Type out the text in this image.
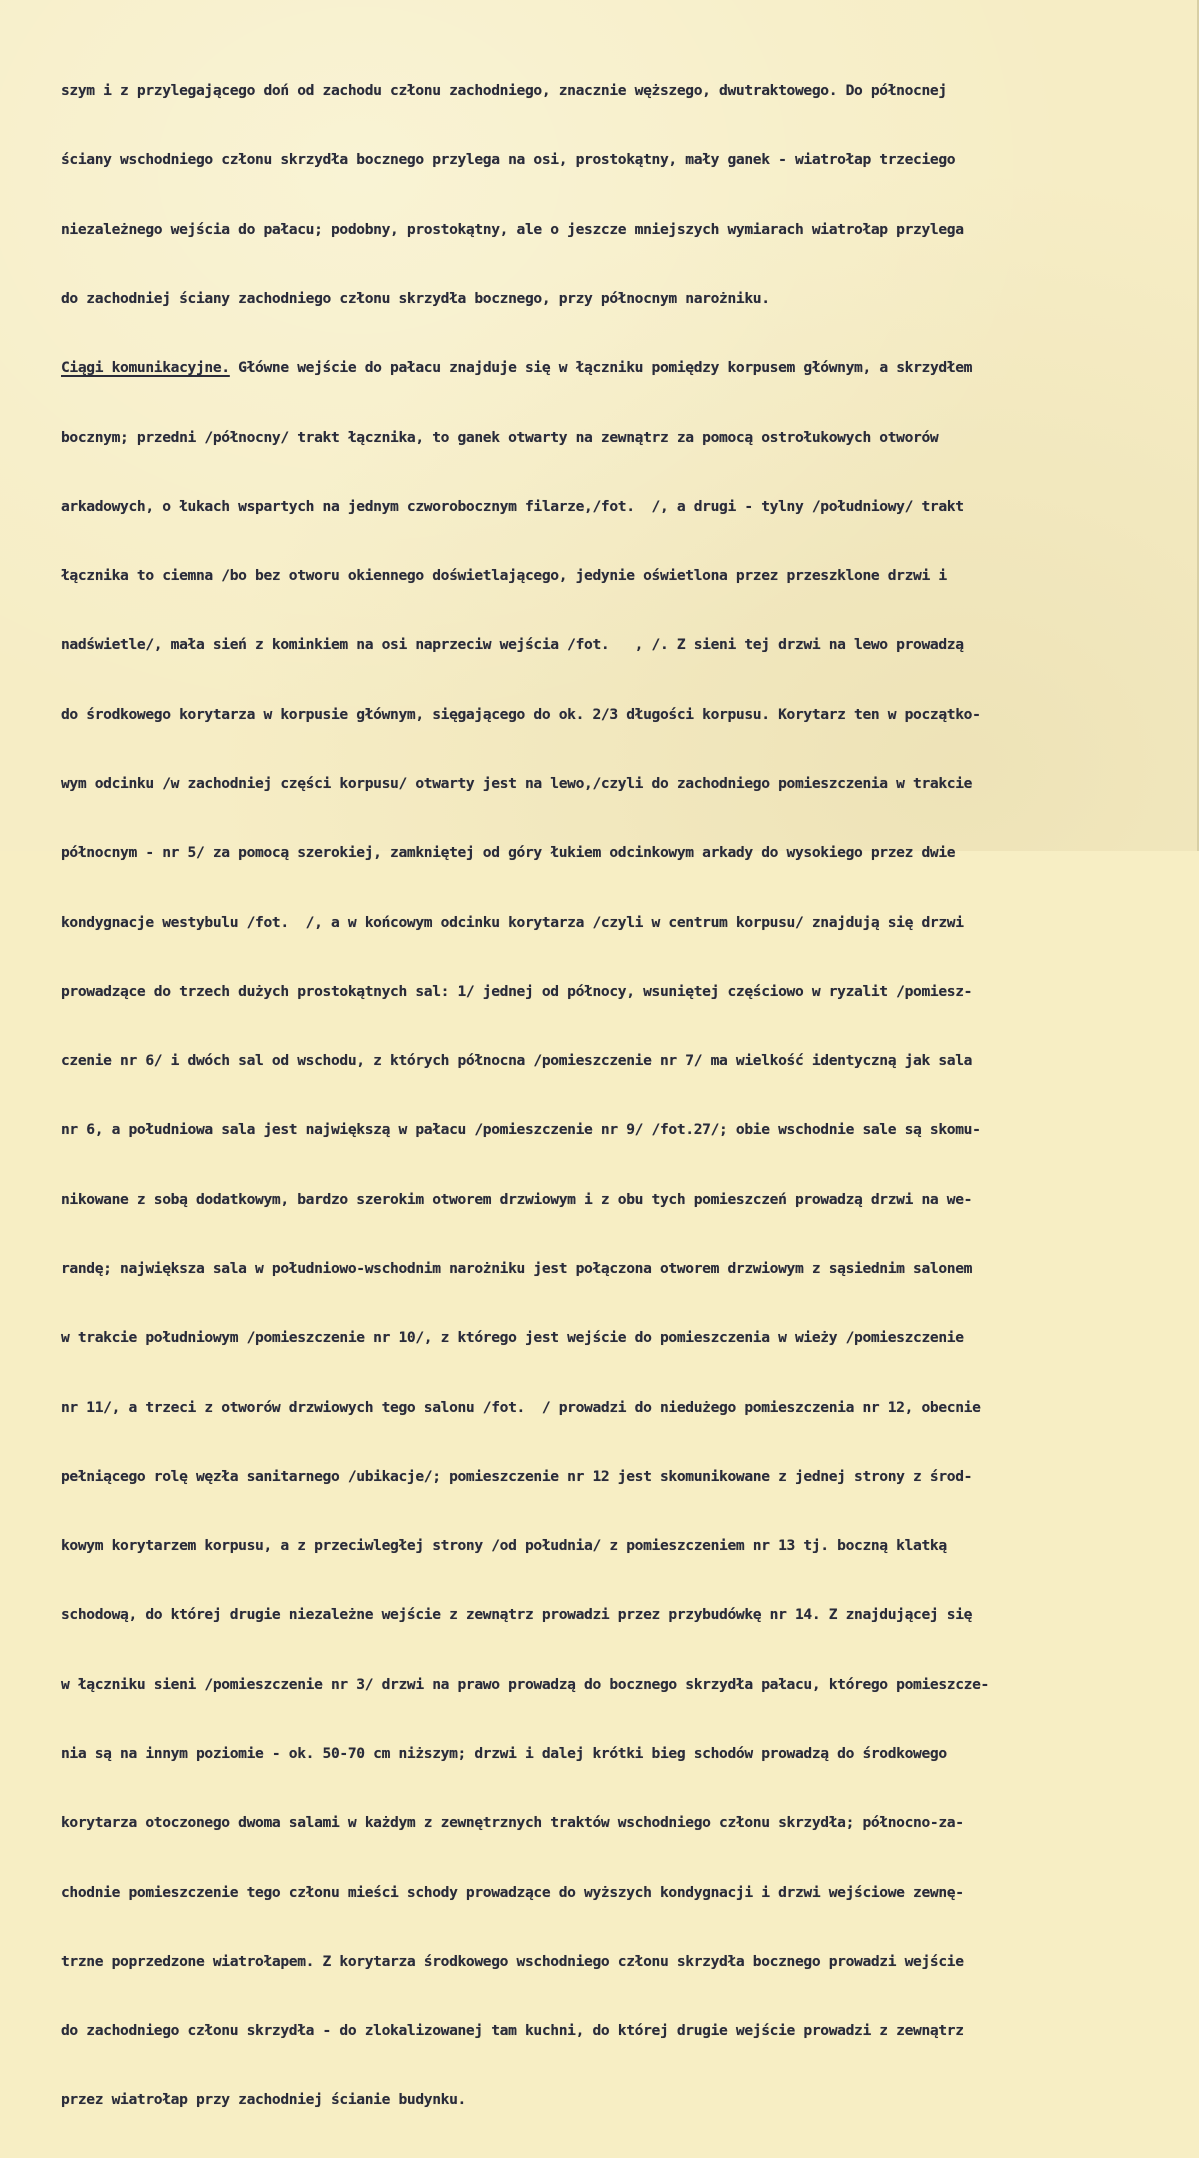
szym i z przylegającego doń od zachodu członu zachodniego, znacznie węższego, dwutraktowego. Do północnej

ściany wschodniego członu skrzydła bocznego przylega na osi, prostokątny, mały ganek - wiatrołap trzeciego

niezależnego wejścia do pałacu; podobny, prostokątny, ale o jeszcze mniejszych wymiarach wiatrołap przylega

do zachodniej ściany zachodniego członu skrzydła bocznego, przy północnym narożniku.

Ciągi komunikacyjne. Główne wejście do pałacu znajduje się w łączniku pomiędzy korpusem głównym, a skrzydłem

bocznym; przedni /północny/ trakt łącznika, to ganek otwarty na zewnątrz za pomocą ostrołukowych otworów

arkadowych, o łukach wspartych na jednym czworobocznym filarze,/fot.  /, a drugi - tylny /południowy/ trakt

łącznika to ciemna /bo bez otworu okiennego doświetlającego, jedynie oświetlona przez przeszklone drzwi i

nadświetle/, mała sień z kominkiem na osi naprzeciw wejścia /fot.   , /. Z sieni tej drzwi na lewo prowadzą

do środkowego korytarza w korpusie głównym, sięgającego do ok. 2/3 długości korpusu. Korytarz ten w początko-

wym odcinku /w zachodniej części korpusu/ otwarty jest na lewo,/czyli do zachodniego pomieszczenia w trakcie

północnym - nr 5/ za pomocą szerokiej, zamkniętej od góry łukiem odcinkowym arkady do wysokiego przez dwie

kondygnacje westybulu /fot.  /, a w końcowym odcinku korytarza /czyli w centrum korpusu/ znajdują się drzwi

prowadzące do trzech dużych prostokątnych sal: 1/ jednej od północy, wsuniętej częściowo w ryzalit /pomiesz-

czenie nr 6/ i dwóch sal od wschodu, z których północna /pomieszczenie nr 7/ ma wielkość identyczną jak sala

nr 6, a południowa sala jest największą w pałacu /pomieszczenie nr 9/ /fot.27/; obie wschodnie sale są skomu-

nikowane z sobą dodatkowym, bardzo szerokim otworem drzwiowym i z obu tych pomieszczeń prowadzą drzwi na we-

randę; największa sala w południowo-wschodnim narożniku jest połączona otworem drzwiowym z sąsiednim salonem

w trakcie południowym /pomieszczenie nr 10/, z którego jest wejście do pomieszczenia w wieży /pomieszczenie

nr 11/, a trzeci z otworów drzwiowych tego salonu /fot.  / prowadzi do niedużego pomieszczenia nr 12, obecnie

pełniącego rolę węzła sanitarnego /ubikacje/; pomieszczenie nr 12 jest skomunikowane z jednej strony z środ-

kowym korytarzem korpusu, a z przeciwległej strony /od południa/ z pomieszczeniem nr 13 tj. boczną klatką

schodową, do której drugie niezależne wejście z zewnątrz prowadzi przez przybudówkę nr 14. Z znajdującej się

w łączniku sieni /pomieszczenie nr 3/ drzwi na prawo prowadzą do bocznego skrzydła pałacu, którego pomieszcze-

nia są na innym poziomie - ok. 50-70 cm niższym; drzwi i dalej krótki bieg schodów prowadzą do środkowego

korytarza otoczonego dwoma salami w każdym z zewnętrznych traktów wschodniego członu skrzydła; północno-za-

chodnie pomieszczenie tego członu mieści schody prowadzące do wyższych kondygnacji i drzwi wejściowe zewnę-

trzne poprzedzone wiatrołapem. Z korytarza środkowego wschodniego członu skrzydła bocznego prowadzi wejście

do zachodniego członu skrzydła - do zlokalizowanej tam kuchni, do której drugie wejście prowadzi z zewnątrz

przez wiatrołap przy zachodniej ścianie budynku.
